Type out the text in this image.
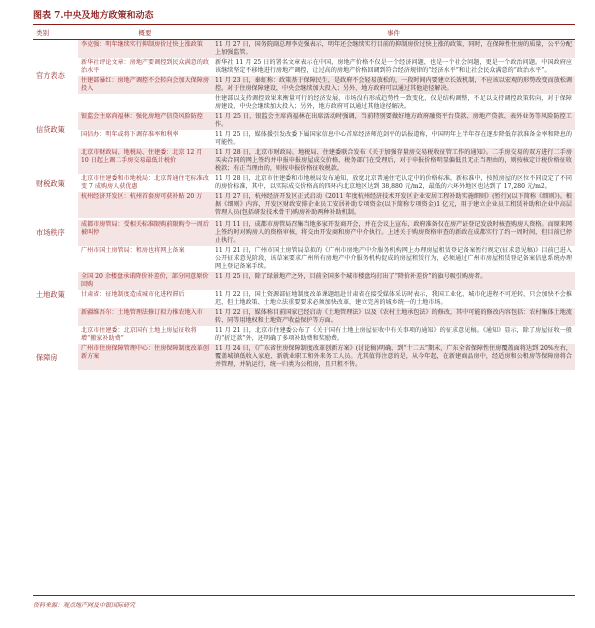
图表 7.中央及地方政策和动态
类别	概要	事件
官方表态	李克强：明年继续实行抑制房价过快上涨政策	11 月 27 日，国务院副总理李克强表示，明年还会继续实行目前的抑制房价过快上涨的政策，同时，在保障性住房的质量，公平分配上加强监管。
	新华社评论文章：房地产要调控到民众满意的政治水平	新华社 11 月 25 日的署名文章表示在中国，房地产价格不仅是一个经济问题，也是一个社会问题，更是一个政治问题。中国政府应该继续坚定不移地进行房地产调控，让过高的房地产价格回调到符合经济规律的“经济水平”和让社会民众满意的“政治水平”。
	住建部暴红：房地产调控不会转向会加大保障房投入	11 月 23 日，秦虹称：政策基于保障民生，是政府不会轻易放松的，一段时间内要建立长效机制，不应该以宏观的形势改变而放松调控。对于住房保障建设，中央会继续加大投入；另外，地方政府可以通过其他途径解决。
		住建部以支持调控效果来衡量可行的经济发展，市场没有形成趋势性一致变化，仅是结构调整，不足以支持调控政策转向，对于保障房建设，中央会继续加大投入；另外，地方政府可以通过其他途径解决。
信贷政策	银监会主席尚福林：强化房地产信贷风险防控	11 月 25 日，银监会主席尚福林在出席活动时强调，当前特别要做好地方政府融资平台贷款、房地产贷款、表外业务等风险防控工作。
	国信办：明年或将下调存准率和利率	11 月 25 日，媒体援引发改委下属国家信息中心首席经济师范剑平的话报道称，中国明年上半年存在逐步降低存款准备金率和降息的可能性。
财税政策	北京市财政局、地税局、住建委：北京 12 月 10 日起上调二手房交易最低计税价	11 月 28 日，北京市财政局、地税局、住建委联合发布《关于加强存量房交易税收征管工作的通知》。二手房交易的双方进行二手房买卖合同的网上签约并申报申报房屋成交价格，税务部门在受理后，对于申报价格明显偏低且无正当理由的，则按核定计税价格征收税款；有正当理由的，则按申报价格征收税款。
	北京市住建委和市地税局：北京普通住宅标准改变 7 成购房人获优惠	11 月 28 日，北京市住建委和市地税局发布通知，放宽北京普通住宅认定中的价格标准。新标准中，按照房屋的区位不同设定了不同的房价标准，其中，以实际成交价格高的四环内北京地区达到 38,880 元/m2，最低的六环外地区也达到了 17,280 元/m2。
	杭州经济开发区：杭州首套房可获补贴 20 万	11 月 27 日，杭州经济开发区正式启动《2011 年度杭州经济技术开发区企业安居工程补助实施细则》(暂行)(以下简称《细则》)。根据《细则》内容，开发区财政安排企业员工安居补助专项资金(以下简称专项资金)1 亿元，用于建立企业员工租赁补助和企业中高层管理人员(包括研发技术骨干)购房补助两种补助机制。

市场秩序	成都市房管局：受相关标准限购前限购令一周后被叫停	11 月 11 日，成都市房管局召集当地多家开发商开会，并在会议上宣布，政府准备仅在房产证登记发放时核查购房人资格。而原来网上签约时对购房人的资格审核，将交由开发商和房产中介执行。上述关于购房资格审查的新政在成都实行了约一周时间，但目前已停止执行。
土地政策	广州市国土房管局：租房也将网上备案	11 月 21 日，广州市国土房管局草拟的《广州市房地产中介服务机构网上办理房屋租赁登记备案暂行规定(征求意见稿)》目前已进入公开征求意见阶段，该草案要求广州所有房地产中介服务机构促成的房屋租赁行为，必须通过广州市房屋租赁登记备案信息系统办理网上登记备案手续。
	全国 20 余楼盘承诺降价补差价，部分同意原价回购	11 月 25 日，除了绿景地产之外，目前全国多个城市楼盘均打出了“降价补差价”的旗号吸引购房者。
	甘肃省：征地制度造成城市化进程滞后	11 月 22 日，国土资源部征地制度改革课题组赴甘肃省在接受媒体采访时表示，我国工业化、城市化进程不可逆转，只会加快不会推迟，但土地政策、土地立法重要要求必须加快改革，建立完善的城乡统一的土地市场。
	新疆维吾尔：土地管理法修订拟力推农地入市	11 月 22 日，媒体称目前国家已经启动《土地管理法》以及《农村土地承包法》的修改，其中可能的修改内容包括：农村集体土地流转、同等用地权和土地资产收益保护等方面。
	北京市住建委：北京国有土地上房屋征收将增“搬家补助费”	11 月 21 日，北京市住建委公布了《关于国有土地上房屋征收中有关事项的通知》的征求意见稿。《通知》显示，除了房屋征收一般的“折迁款”外，还明确了多项补助费和奖励费。
保障房	广州市住房保障管理中心：住房保障制度改革创新方案	11 月 24 日，《广东省住房保障制度改革创新方案》(讨论稿)明确，到“十二五”期末，广东全省保障性住房覆盖面将达到 20%左右，覆盖城镇低收入家庭、新就业职工和外来务工人员。尤其值得注意的是，从今年起，在新建商品房中，经适房和公租房等保障房将合并管理，并轨运行，统一归类为公租房，且只租不售。

资料来源：观点地产网及中银国际研究
